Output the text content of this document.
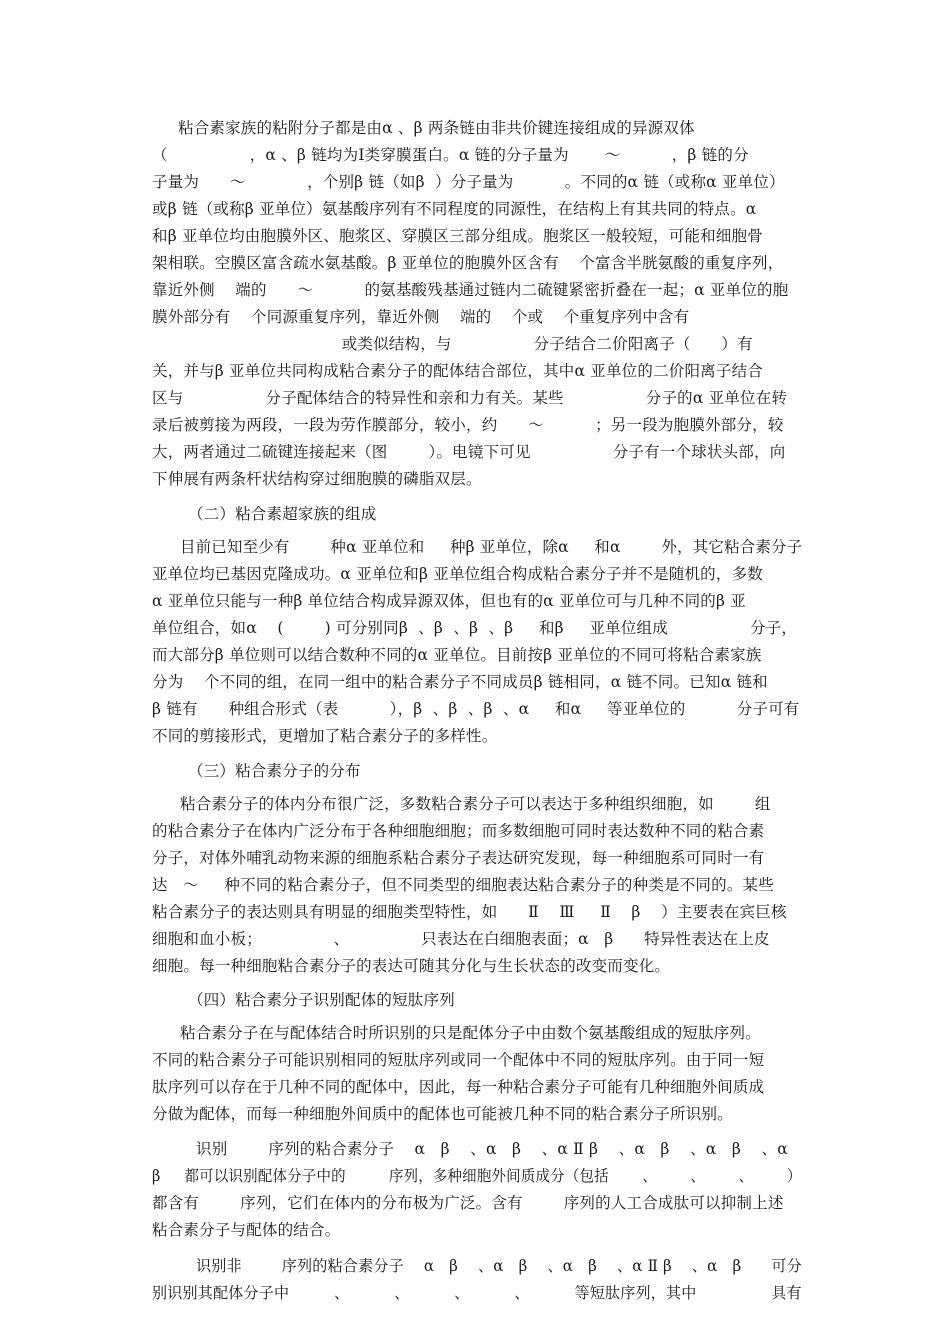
粘合素家族的粘附分子都是由α 、β 两条链由非共价键连接组成的异源双体
（                ，α 、β 链均为Ⅰ类穿膜蛋白。α 链的分子量为       ～          ，β 链的分
子量为      ～            ，个别β 链（如β  ）分子量为          。不同的α 链（或称α 亚单位）
或β 链（或称β 亚单位）氨基酸序列有不同程度的同源性，在结构上有其共同的特点。α
和β 亚单位均由胞膜外区、胞浆区、穿膜区三部分组成。胞浆区一般较短，可能和细胞骨
架相联。空膜区富含疏水氨基酸。β 亚单位的胞膜外区含有    个富含半胱氨酸的重复序列，
靠近外侧    端的      ～          的氨基酸残基通过链内二硫键紧密折叠在一起；α 亚单位的胞
膜外部分有    个同源重复序列，靠近外侧    端的    个或    个重复序列中含有
或类似结构，与                分子结合二价阳离子（      ）有
关，并与β 亚单位共同构成粘合素分子的配体结合部位，其中α 亚单位的二价阳离子结合
区与                分子配体结合的特异性和亲和力有关。某些                分子的α 亚单位在转
录后被剪接为两段，一段为劳作膜部分，较小，约      ～          ；另一段为胞膜外部分，较
大，两者通过二硫键连接起来（图        ）。电镜下可见                分子有一个球状头部，向
下伸展有两条杆状结构穿过细胞膜的磷脂双层。
（二）粘合素超家族的组成
目前已知至少有        种α 亚单位和     种β 亚单位，除α     和α        外，其它粘合素分子
亚单位均已基因克隆成功。α 亚单位和β 亚单位组合构成粘合素分子并不是随机的，多数
α 亚单位只能与一种β 单位结合构成异源双体，但也有的α 亚单位可与几种不同的β 亚
单位组合，如α    (        ) 可分别同β  、β  、β  、β     和β     亚单位组成                分子，
而大部分β 单位则可以结合数种不同的α 亚单位。目前按β 亚单位的不同可将粘合素家族
分为    个不同的组，在同一组中的粘合素分子不同成员β 链相同，α 链不同。已知α 链和
β 链有      种组合形式（表          ），β  、β  、β  、α     和α     等亚单位的          分子可有
不同的剪接形式，更增加了粘合素分子的多样性。
（三）粘合素分子的分布
粘合素分子的体内分布很广泛，多数粘合素分子可以表达于多种组织细胞，如        组
的粘合素分子在体内广泛分布于各种细胞细胞；而多数细胞可同时表达数种不同的粘合素
分子，对体外哺乳动物来源的细胞系粘合素分子表达研究发现，每一种细胞系可同时一有
达   ～     种不同的粘合素分子，但不同类型的细胞表达粘合素分子的种类是不同的。某些
粘合素分子的表达则具有明显的细胞类型特性，如      Ⅱ    Ⅲ     Ⅱ    β    ）主要表在宾巨核
细胞和血小板；              、              只表达在白细胞表面；α   β      特异性表达在上皮
细胞。每一种细胞粘合素分子的表达可随其分化与生长状态的改变而变化。
（四）粘合素分子识别配体的短肽序列
粘合素分子在与配体结合时所识别的只是配体分子中由数个氨基酸组成的短肽序列。
不同的粘合素分子可能识别相同的短肽序列或同一个配体中不同的短肽序列。由于同一短
肽序列可以存在于几种不同的配体中，因此，每一种粘合素分子可能有几种细胞外间质成
分做为配体，而每一种细胞外间质中的配体也可能被几种不同的粘合素分子所识别。
识别        序列的粘合素分子    α   β    、α   β    、α Ⅱ β    、α   β    、α   β    、α
β     都可以识别配体分子中的         序列，多种细胞外间质成分（包括       、       、       、       ）
都含有        序列，它们在体内的分布极为广泛。含有        序列的人工合成肽可以抑制上述
粘合素分子与配体的结合。
识别非        序列的粘合素分子    α   β    、α   β    、α   β    、α Ⅱ β    、α   β      可分
别识别其配体分子中         、         、         、         、         等短肽序列，其中               具有
